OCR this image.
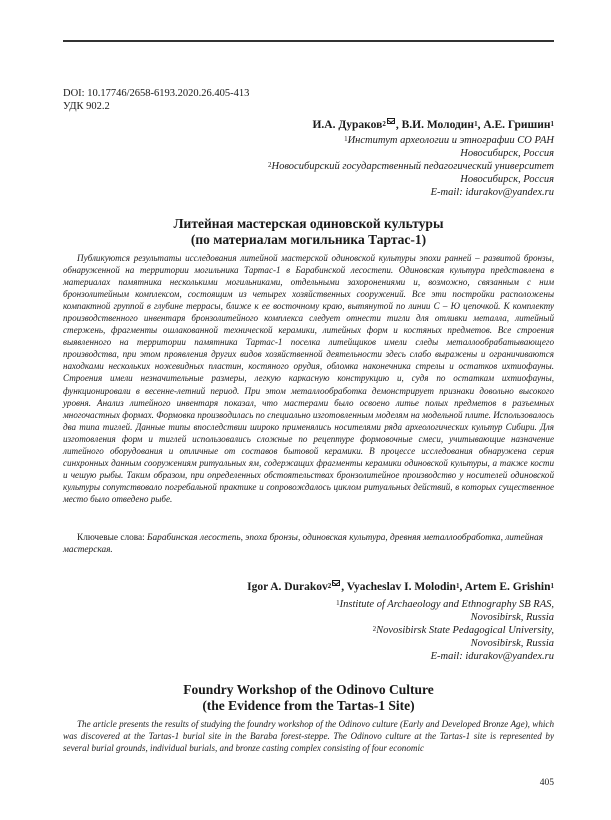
DOI: 10.17746/2658-6193.2020.26.405-413
УДК 902.2
И.А. Дураков$^2$ , В.И. Молодин$^1$, А.Е. Гришин$^1$
$^1$Институт археологии и этнографии СО РАН
Новосибирск, Россия
$^2$Новосибирский государственный педагогический университет
Новосибирск, Россия
E-mail: idurakov@yandex.ru
Литейная мастерская одиновской культуры
(по материалам могильника Тартас-1)
Публикуются результаты исследования литейной мастерской одиновской культуры эпохи ранней – развитой бронзы, обнаруженной на территории могильника Тартас-1 в Барабинской лесостепи. Одиновская культура представлена в материалах памятника несколькими могильниками, отдельными захоронениями и, возможно, связанным с ним бронзолитейным комплексом, состоящим из четырех хозяйственных сооружений. Все эти постройки расположены компактной группой в глубине террасы, ближе к ее восточному краю, вытянутой по линии С – Ю цепочкой. К комплекту производственного инвентаря бронзолитейного комплекса следует отнести тигли для отливки металла, литейный стержень, фрагменты ошлакованной технической керамики, литейных форм и костяных предметов. Все строения выявленного на территории памятника Тартас-1 поселка литейщиков имели следы металлообрабатывающего производства, при этом проявления других видов хозяйственной деятельности здесь слабо выражены и ограничиваются находками нескольких ножевидных пластин, костяного орудия, обломка наконечника стрелы и остатков ихтиофауны. Строения имели незначительные размеры, легкую каркасную конструкцию и, судя по остаткам ихтиофауны, функционировали в весенне-летний период. При этом металлообработка демонстрирует признаки довольно высокого уровня. Анализ литейного инвентаря показал, что мастерами было освоено литье полых предметов в разъемных многочастных формах. Формовка производилась по специально изготовленным моделям на модельной плите. Использовалось два типа тиглей. Данные типы впоследствии широко применялись носителями ряда археологических культур Сибири. Для изготовления форм и тиглей использовались сложные по рецептуре формовочные смеси, учитывающие назначение литейного оборудования и отличные от составов бытовой керамики. В процессе исследования обнаружена серия синхронных данным сооружениям ритуальных ям, содержащих фрагменты керамики одиновской культуры, а также кости и чешую рыбы. Таким образом, при определенных обстоятельствах бронзолитейное производство у носителей одиновской культуры сопутствовало погребальной практике и сопровождалось циклом ритуальных действий, в которых существенное место было отведено рыбе.
Ключевые слова: Барабинская лесостепь, эпоха бронзы, одиновская культура, древняя металлообработка, литейная мастерская.
Igor A. Durakov$^2$ , Vyacheslav I. Molodin$^1$, Artem E. Grishin$^1$
$^1$Institute of Archaeology and Ethnography SB RAS,
Novosibirsk, Russia
$^2$Novosibirsk State Pedagogical University,
Novosibirsk, Russia
E-mail: idurakov@yandex.ru
Foundry Workshop of the Odinovo Culture
(the Evidence from the Tartas-1 Site)
The article presents the results of studying the foundry workshop of the Odinovo culture (Early and Developed Bronze Age), which was discovered at the Tartas-1 burial site in the Baraba forest-steppe. The Odinovo culture at the Tartas-1 site is represented by several burial grounds, individual burials, and bronze casting complex consisting of four economic
405
